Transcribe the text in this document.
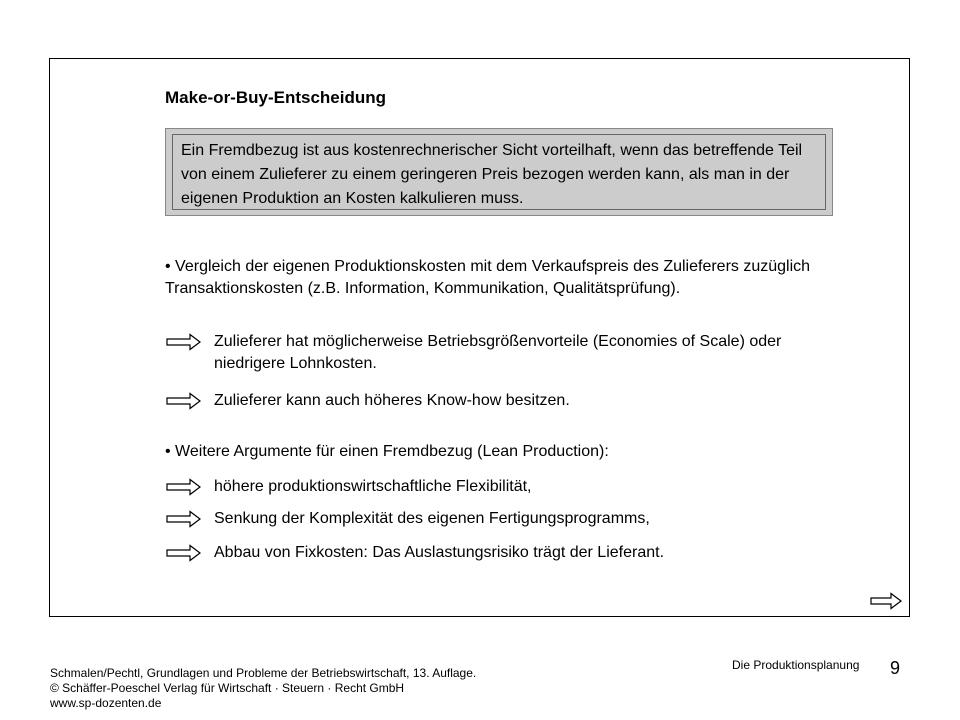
Make-or-Buy-Entscheidung
Ein Fremdbezug ist aus kostenrechnerischer Sicht vorteilhaft, wenn das betreffende Teil von einem Zulieferer zu einem geringeren Preis bezogen werden kann, als man in der eigenen Produktion an Kosten kalkulieren muss.
• Vergleich der eigenen Produktionskosten mit dem Verkaufspreis des Zulieferers zuzüglich Transaktionskosten (z.B. Information, Kommunikation, Qualitätsprüfung).
Zulieferer hat möglicherweise Betriebsgrößenvorteile (Economies of Scale) oder niedrigere Lohnkosten.
Zulieferer kann auch höheres Know-how besitzen.
• Weitere Argumente für einen Fremdbezug (Lean Production):
höhere produktionswirtschaftliche Flexibilität,
Senkung der Komplexität des eigenen Fertigungsprogramms,
Abbau von Fixkosten: Das Auslastungsrisiko trägt der Lieferant.
Schmalen/Pechtl, Grundlagen und Probleme der Betriebswirtschaft, 13. Auflage.
© Schäffer-Poeschel Verlag für Wirtschaft · Steuern · Recht GmbH
www.sp-dozenten.de
Die Produktionsplanung 9
